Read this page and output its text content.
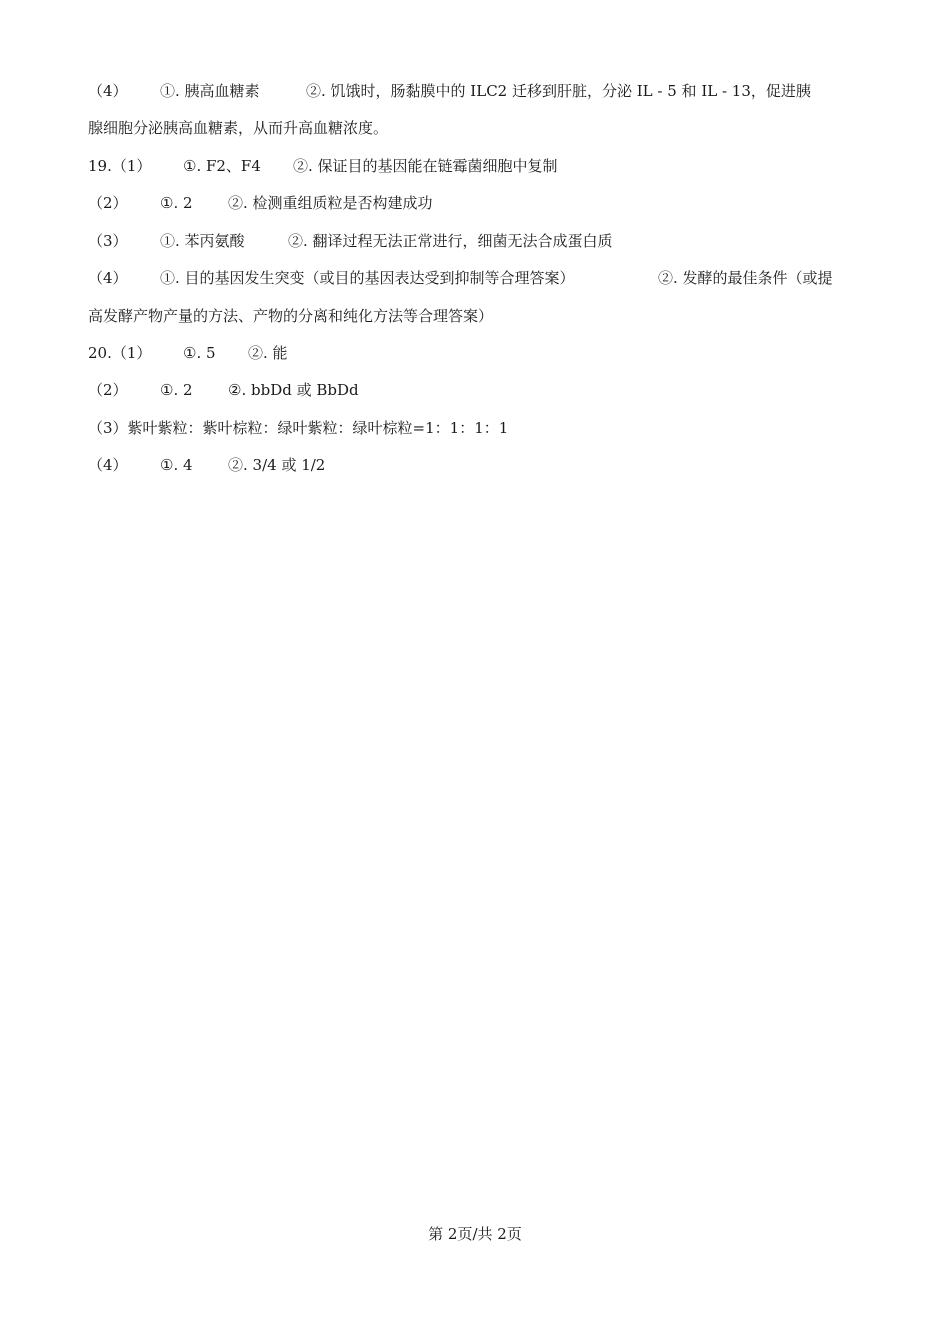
（4） ①. 胰高血糖素	②. 饥饿时，肠黏膜中的 ILC2 迁移到肝脏，分泌 IL - 5 和 IL - 13，促进胰
腺细胞分泌胰高血糖素，从而升高血糖浓度。
19.（1） ①. F2、F4 ②. 保证目的基因能在链霉菌细胞中复制
（2） ①. 2 ②. 检测重组质粒是否构建成功
（3） ①. 苯丙氨酸	②. 翻译过程无法正常进行，细菌无法合成蛋白质
（4） ①. 目的基因发生突变（或目的基因表达受到抑制等合理答案）	②. 发酵的最佳条件（或提
高发酵产物产量的方法、产物的分离和纯化方法等合理答案）
20.（1） ①. 5 ②. 能
（2） ①. 2 ②. bbDd 或 BbDd
（3）紫叶紫粒：紫叶棕粒：绿叶紫粒：绿叶棕粒=1：1：1：1
（4） ①. 4 ②. 3/4 或 1/2
第 2页/共 2页
